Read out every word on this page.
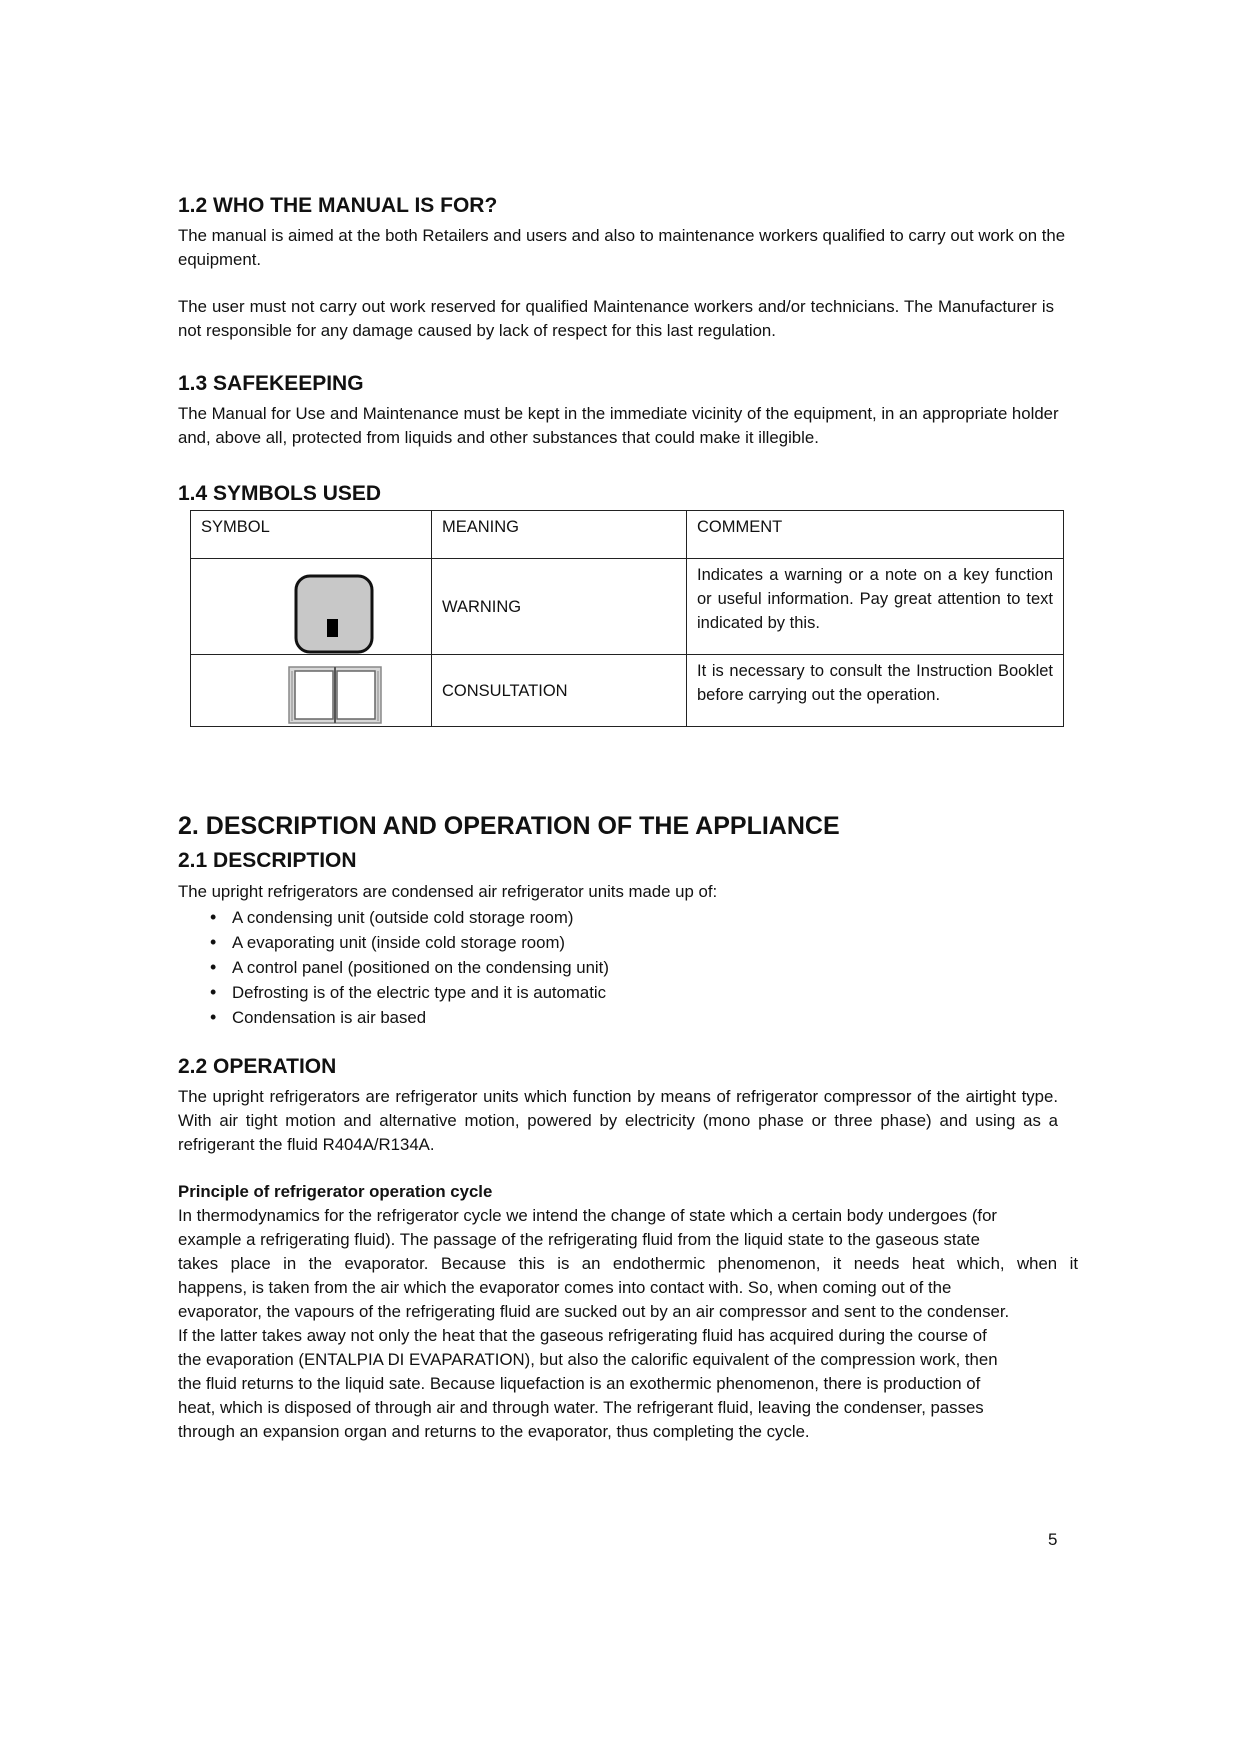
1.2 WHO THE MANUAL IS FOR?

The manual is aimed at the both Retailers and users and also to maintenance workers qualified to carry out work on the equipment.

The user must not carry out work reserved for qualified Maintenance workers and/or technicians. The Manufacturer is not responsible for any damage caused by lack of respect for this last regulation.

1.3 SAFEKEEPING

The Manual for Use and Maintenance must be kept in the immediate vicinity of the equipment, in an appropriate holder and, above all, protected from liquids and other substances that could make it illegible.

1.4 SYMBOLS USED
SYMBOL	MEANING	COMMENT

	WARNING	Indicates a warning or a note on a key function or useful information. Pay great attention to text indicated by this.

	CONSULTATION	It is necessary to consult the Instruction Booklet before carrying out the operation.
2. DESCRIPTION AND OPERATION OF THE APPLIANCE
2.1 DESCRIPTION

The upright refrigerators are condensed air refrigerator units made up of:

• A condensing unit (outside cold storage room)
• A evaporating unit (inside cold storage room)
• A control panel (positioned on the condensing unit)
• Defrosting is of the electric type and it is automatic
• Condensation is air based
2.2 OPERATION

The upright refrigerators are refrigerator units which function by means of refrigerator compressor of the airtight type. With air tight motion and alternative motion, powered by electricity (mono phase or three phase) and using as a refrigerant the fluid R404A/R134A.

Principle of refrigerator operation cycle

In thermodynamics for the refrigerator cycle we intend the change of state which a certain body undergoes (for

example a refrigerating fluid). The passage of the refrigerating fluid from the liquid state to the gaseous state

takes place in the evaporator. Because this is an endothermic phenomenon, it needs heat which, when it

happens, is taken from the air which the evaporator comes into contact with. So, when coming out of the

evaporator, the vapours of the refrigerating fluid are sucked out by an air compressor and sent to the condenser.

If the latter takes away not only the heat that the gaseous refrigerating fluid has acquired during the course of

the evaporation (ENTALPIA DI EVAPARATION), but also the calorific equivalent of the compression work, then

the fluid returns to the liquid sate. Because liquefaction is an exothermic phenomenon, there is production of

heat, which is disposed of through air and through water. The refrigerant fluid, leaving the condenser, passes

through an expansion organ and returns to the evaporator, thus completing the cycle.

5
